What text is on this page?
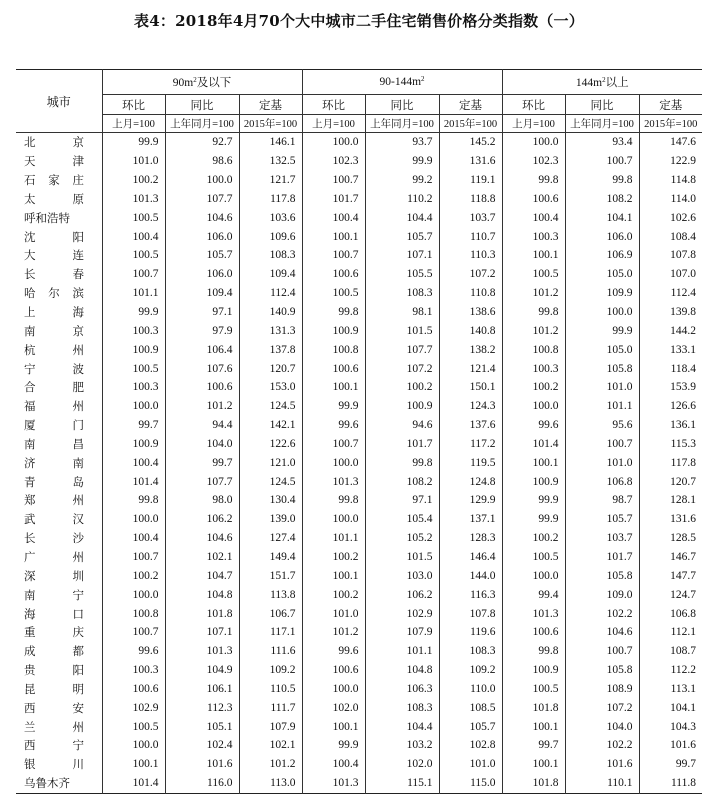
表4：2018年4月70个大中城市二手住宅销售价格分类指数（一）
城市	$90m^2$及以下			$90-144m^2$			$144m^2$以上		
	环比	同比	定基	环比	同比	定基	环比	同比	定基
	上月=100	上年同月=100	2015年=100	上月=100	上年同月=100	2015年=100	上月=100	上年同月=100	2015年=100

北 京	99.9	92.7	146.1	100.0	93.7	145.2	100.0	93.4	147.6

天 津	101.0	98.6	132.5	102.3	99.9	131.6	102.3	100.7	122.9

石 家 庄	100.2	100.0	121.7	100.7	99.2	119.1	99.8	99.8	114.8

太 原	101.3	107.7	117.8	101.7	110.2	118.8	100.6	108.2	114.0

呼和浩特	100.5	104.6	103.6	100.4	104.4	103.7	100.4	104.1	102.6

沈 阳	100.4	106.0	109.6	100.1	105.7	110.7	100.3	106.0	108.4

大 连	100.5	105.7	108.3	100.7	107.1	110.3	100.1	106.9	107.8

长 春	100.7	106.0	109.4	100.6	105.5	107.2	100.5	105.0	107.0

哈 尔 滨	101.1	109.4	112.4	100.5	108.3	110.8	101.2	109.9	112.4

上 海	99.9	97.1	140.9	99.8	98.1	138.6	99.8	100.0	139.8

南 京	100.3	97.9	131.3	100.9	101.5	140.8	101.2	99.9	144.2

杭 州	100.9	106.4	137.8	100.8	107.7	138.2	100.8	105.0	133.1

宁 波	100.5	107.6	120.7	100.6	107.2	121.4	100.3	105.8	118.4

合 肥	100.3	100.6	153.0	100.1	100.2	150.1	100.2	101.0	153.9

福 州	100.0	101.2	124.5	99.9	100.9	124.3	100.0	101.1	126.6

厦 门	99.7	94.4	142.1	99.6	94.6	137.6	99.6	95.6	136.1

南 昌	100.9	104.0	122.6	100.7	101.7	117.2	101.4	100.7	115.3

济 南	100.4	99.7	121.0	100.0	99.8	119.5	100.1	101.0	117.8

青 岛	101.4	107.7	124.5	101.3	108.2	124.8	100.9	106.8	120.7

郑 州	99.8	98.0	130.4	99.8	97.1	129.9	99.9	98.7	128.1

武 汉	100.0	106.2	139.0	100.0	105.4	137.1	99.9	105.7	131.6

长 沙	100.4	104.6	127.4	101.1	105.2	128.3	100.2	103.7	128.5

广 州	100.7	102.1	149.4	100.2	101.5	146.4	100.5	101.7	146.7

深 圳	100.2	104.7	151.7	100.1	103.0	144.0	100.0	105.8	147.7

南 宁	100.0	104.8	113.8	100.2	106.2	116.3	99.4	109.0	124.7

海 口	100.8	101.8	106.7	101.0	102.9	107.8	101.3	102.2	106.8

重 庆	100.7	107.1	117.1	101.2	107.9	119.6	100.6	104.6	112.1

成 都	99.6	101.3	111.6	99.6	101.1	108.3	99.8	100.7	108.7

贵 阳	100.3	104.9	109.2	100.6	104.8	109.2	100.9	105.8	112.2

昆 明	100.6	106.1	110.5	100.0	106.3	110.0	100.5	108.9	113.1

西 安	102.9	112.3	111.7	102.0	108.3	108.5	101.8	107.2	104.1

兰 州	100.5	105.1	107.9	100.1	104.4	105.7	100.1	104.0	104.3

西 宁	100.0	102.4	102.1	99.9	103.2	102.8	99.7	102.2	101.6

银 川	100.1	101.6	101.2	100.4	102.0	101.0	100.1	101.6	99.7

乌鲁木齐	101.4	116.0	113.0	101.3	115.1	115.0	101.8	110.1	111.8
